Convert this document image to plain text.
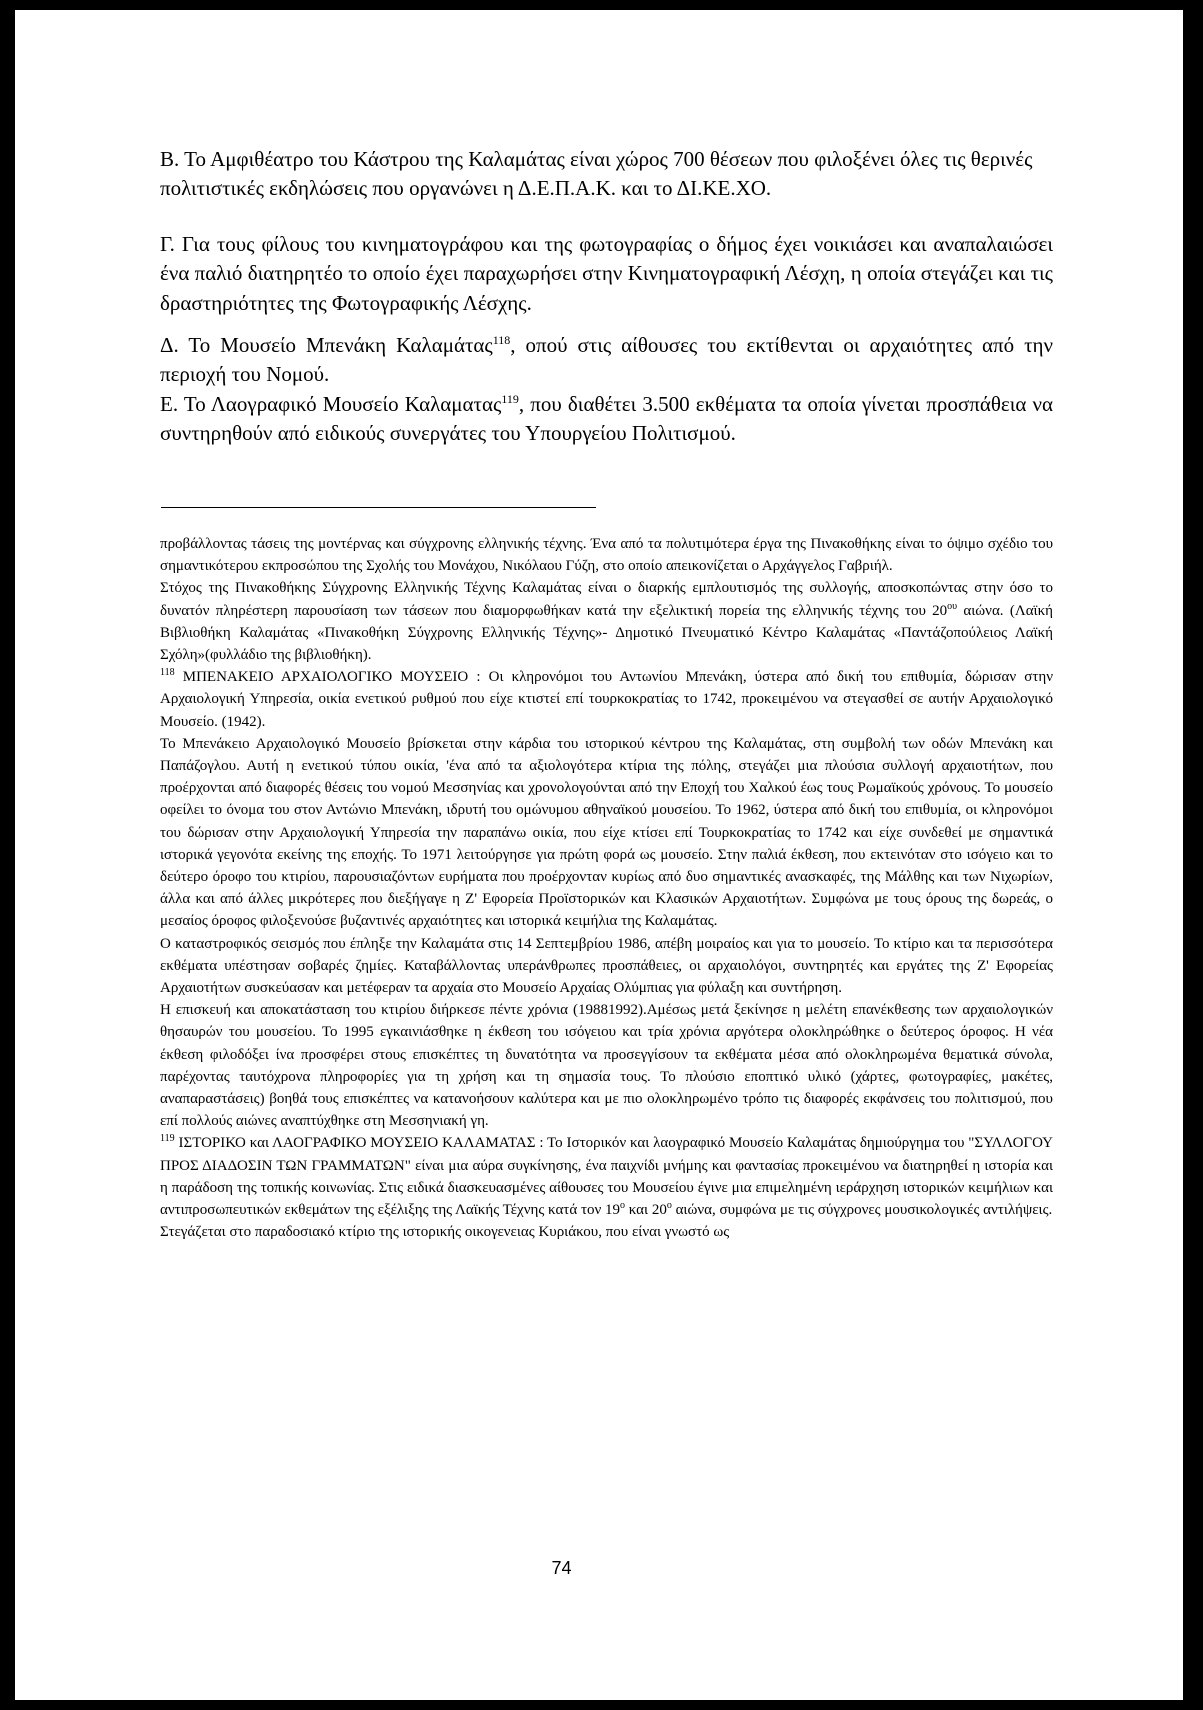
Β. Το Αμφιθέατρο του Κάστρου της Καλαμάτας είναι χώρος 700 θέσεων που φιλοξένει όλες τις θερινές πολιτιστικές εκδηλώσεις που οργανώνει η Δ.Ε.Π.Α.Κ. και το ΔΙ.ΚΕ.ΧΟ.

Γ. Για τους φίλους του κινηματογράφου και της φωτογραφίας ο δήμος έχει νοικιάσει και αναπαλαιώσει ένα παλιό διατηρητέο το οποίο έχει παραχωρήσει στην Κινηματογραφική Λέσχη, η οποία στεγάζει και τις δραστηριότητες της Φωτογραφικής Λέσχης.

Δ. Το Μουσείο Μπενάκη Καλαμάτας$^{118}$, οπού στις αίθουσες του εκτίθενται οι αρχαιότητες από την περιοχή του Νομού.

Ε. Το Λαογραφικό Μουσείο Καλαματας$^{119}$, που διαθέτει 3.500 εκθέματα τα οποία γίνεται προσπάθεια να συντηρηθούν από ειδικούς συνεργάτες του Υπουργείου Πολιτισμού.

προβάλλοντας τάσεις της μοντέρνας και σύγχρονης ελληνικής τέχνης. Ένα από τα πολυτιμότερα έργα της Πινακοθήκης είναι το όψιμο σχέδιο του σημαντικότερου εκπροσώπου της Σχολής του Μονάχου, Νικόλαου Γύζη, στο οποίο απεικονίζεται ο Αρχάγγελος Γαβριήλ.

Στόχος της Πινακοθήκης Σύγχρονης Ελληνικής Τέχνης Καλαμάτας είναι ο διαρκής εμπλουτισμός της συλλογής, αποσκοπώντας στην όσο το δυνατόν πληρέστερη παρουσίαση των τάσεων που διαμορφωθήκαν κατά την εξελικτική πορεία της ελληνικής τέχνης του $20^{o\upsilon}$ αιώνα. (Λαϊκή Βιβλιοθήκη Καλαμάτας «Πινακοθήκη Σύγχρονης Ελληνικής Τέχνης»- Δημοτικό Πνευματικό Κέντρο Καλαμάτας «Παντάζοπούλειος Λαϊκή Σχόλη»(φυλλάδιο της βιβλιοθήκη).

$^{118}$ ΜΠΕΝΑΚΕΙΟ ΑΡΧΑΙΟΛΟΓΙΚΟ ΜΟΥΣΕΙΟ : Οι κληρονόμοι του Αντωνίου Μπενάκη, ύστερα από δική του επιθυμία, δώρισαν στην Αρχαιολογική Υπηρεσία, οικία ενετικού ρυθμού που είχε κτιστεί επί τουρκοκρατίας το 1742, προκειμένου να στεγασθεί σε αυτήν Αρχαιολογικό Μουσείο. (1942).

Το Μπενάκειο Αρχαιολογικό Μουσείο βρίσκεται στην κάρδια του ιστορικού κέντρου της Καλαμάτας, στη συμβολή των οδών Μπενάκη και Παπάζογλου. Αυτή η ενετικού τύπου οικία, 'ένα από τα αξιολογότερα κτίρια της πόλης, στεγάζει μια πλούσια συλλογή αρχαιοτήτων, που προέρχονται από διαφορές θέσεις του νομού Μεσσηνίας και χρονολογούνται από την Εποχή του Χαλκού έως τους Ρωμαϊκούς χρόνους. Το μουσείο οφείλει το όνομα του στον Αντώνιο Μπενάκη, ιδρυτή του ομώνυμου αθηναϊκού μουσείου. Το 1962, ύστερα από δική του επιθυμία, οι κληρονόμοι του δώρισαν στην Αρχαιολογική Υπηρεσία την παραπάνω οικία, που είχε κτίσει επί Τουρκοκρατίας το 1742 και είχε συνδεθεί με σημαντικά ιστορικά γεγονότα εκείνης της εποχής. Το 1971 λειτούργησε για πρώτη φορά ως μουσείο. Στην παλιά έκθεση, που εκτεινόταν στο ισόγειο και το δεύτερο όροφο του κτιρίου, παρουσιαζόντων ευρήματα που προέρχονταν κυρίως από δυο σημαντικές ανασκαφές, της Μάλθης και των Νιχωρίων, άλλα και από άλλες μικρότερες που διεξήγαγε η Ζ' Εφορεία Προϊστορικών και Κλασικών Αρχαιοτήτων. Συμφώνα με τους όρους της δωρεάς, ο μεσαίος όροφος φιλοξενούσε βυζαντινές αρχαιότητες και ιστορικά κειμήλια της Καλαμάτας.

Ο καταστροφικός σεισμός που έπληξε την Καλαμάτα στις 14 Σεπτεμβρίου 1986, απέβη μοιραίος και για το μουσείο. Το κτίριο και τα περισσότερα εκθέματα υπέστησαν σοβαρές ζημίες. Καταβάλλοντας υπεράνθρωπες προσπάθειες, οι αρχαιολόγοι, συντηρητές και εργάτες της Ζ' Εφορείας Αρχαιοτήτων συσκεύασαν και μετέφεραν τα αρχαία στο Μουσείο Αρχαίας Ολύμπιας για φύλαξη και συντήρηση.

Η επισκευή και αποκατάσταση του κτιρίου διήρκεσε πέντε χρόνια (19881992).Αμέσως μετά ξεκίνησε η μελέτη επανέκθεσης των αρχαιολογικών θησαυρών του μουσείου. Το 1995 εγκαινιάσθηκε η έκθεση του ισόγειου και τρία χρόνια αργότερα ολοκληρώθηκε ο δεύτερος όροφος. Η νέα έκθεση φιλοδόξει ίνα προσφέρει στους επισκέπτες τη δυνατότητα να προσεγγίσουν τα εκθέματα μέσα από ολοκληρωμένα θεματικά σύνολα, παρέχοντας ταυτόχρονα πληροφορίες για τη χρήση και τη σημασία τους. Το πλούσιο εποπτικό υλικό (χάρτες, φωτογραφίες, μακέτες, αναπαραστάσεις) βοηθά τους επισκέπτες να κατανοήσουν καλύτερα και με πιο ολοκληρωμένο τρόπο τις διαφορές εκφάνσεις του πολιτισμού, που επί πολλούς αιώνες αναπτύχθηκε στη Μεσσηνιακή γη.

$^{119}$ ΙΣΤΟΡΙΚΟ και ΛΑΟΓΡΑΦΙΚΟ ΜΟΥΣΕΙΟ ΚΑΛΑΜΑΤΑΣ : Το Ιστορικόν και λαογραφικό Μουσείο Καλαμάτας δημιούργημα του "ΣΥΛΛΟΓΟΥ ΠΡΟΣ ΔΙΑΔΟΣΙΝ ΤΩΝ ΓΡΑΜΜΑΤΩΝ" είναι μια αύρα συγκίνησης, ένα παιχνίδι μνήμης και φαντασίας προκειμένου να διατηρηθεί η ιστορία και η παράδοση της τοπικής κοινωνίας. Στις ειδικά διασκευασμένες αίθουσες του Μουσείου έγινε μια επιμελημένη ιεράρχηση ιστορικών κειμήλιων και αντιπροσωπευτικών εκθεμάτων της εξέλιξης της Λαϊκής Τέχνης κατά τον $19^o$ και $20^o$ αιώνα, συμφώνα με τις σύγχρονες μουσικολογικές αντιλήψεις.

Στεγάζεται στο παραδοσιακό κτίριο της ιστορικής οικογενειας Κυριάκου, που είναι γνωστό ως

74
